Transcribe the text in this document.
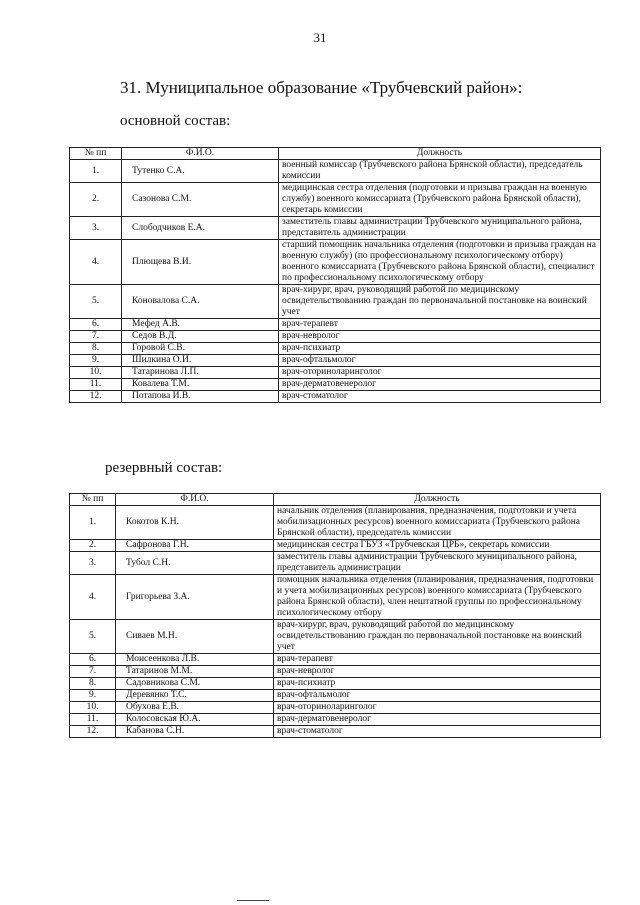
31
31. Муниципальное образование «Трубчевский район»:
основной состав:
№ пп	Ф.И.О.	Должность
1.	Тутенко С.А.	военный комиссар (Трубчевского района Брянской области), председатель комиссии
2.	Сазонова С.М.	медицинская сестра отделения (подготовки и призыва граждан на военную службу) военного комиссариата (Трубчевского района Брянской области), секретарь комиссии
3.	Слободчиков Е.А.	заместитель главы администрации Трубчевского муниципального района, представитель администрации
4.	Плющева В.И.	старший помощник начальника отделения (подготовки и призыва граждан на военную службу) (по профессиональному психологическому отбору) военного комиссариата (Трубчевского района Брянской области), специалист по профессиональному психологическому отбору
5.	Коновалова С.А.	врач-хирург, врач, руководящий работой по медицинскому освидетельствованию граждан по первоначальной постановке на воинский учет
6.	Мефед А.В.	врач-терапевт
7.	Седов В.Д.	врач-невролог
8.	Горовой С.В.	врач-психиатр
9.	Шилкина О.И.	врач-офтальмолог
10.	Татаринова Л.П.	врач-оториноларинголог
11.	Ковалева Т.М.	врач-дерматовенеролог
12.	Потапова И.В.	врач-стоматолог
резервный состав:
№ пп	Ф.И.О.	Должность
1.	Кокотов К.Н.	начальник отделения (планирования, предназначения, подготовки и учета мобилизационных ресурсов) военного комиссариата (Трубчевского района Брянской области), председатель комиссии
2.	Сафронова Г.Н.	медицинская сестра ГБУЗ «Трубчевская ЦРБ», секретарь комиссии
3.	Тубол С.Н.	заместитель главы администрации Трубчевского муниципального района, представитель администрации
4.	Григорьева З.А.	помощник начальника отделения (планирования, предназначения, подготовки и учета мобилизационных ресурсов) военного комиссариата (Трубчевского района Брянской области), член нештатной группы по профессиональному психологическому отбору
5.	Сиваев М.Н.	врач-хирург, врач, руководящий работой по медицинскому освидетельствованию граждан по первоначальной постановке на воинский учет
6.	Моисеенкова Л.В.	врач-терапевт
7.	Татаринов М.М.	врач-невролог
8.	Садовникова С.М.	врач-психиатр
9.	Деревянко Т.С.	врач-офтальмолог
10.	Обухова Е.В.	врач-оториноларинголог
11.	Колосовская Ю.А.	врач-дерматовенеролог
12.	Кабанова С.Н.	врач-стоматолог
